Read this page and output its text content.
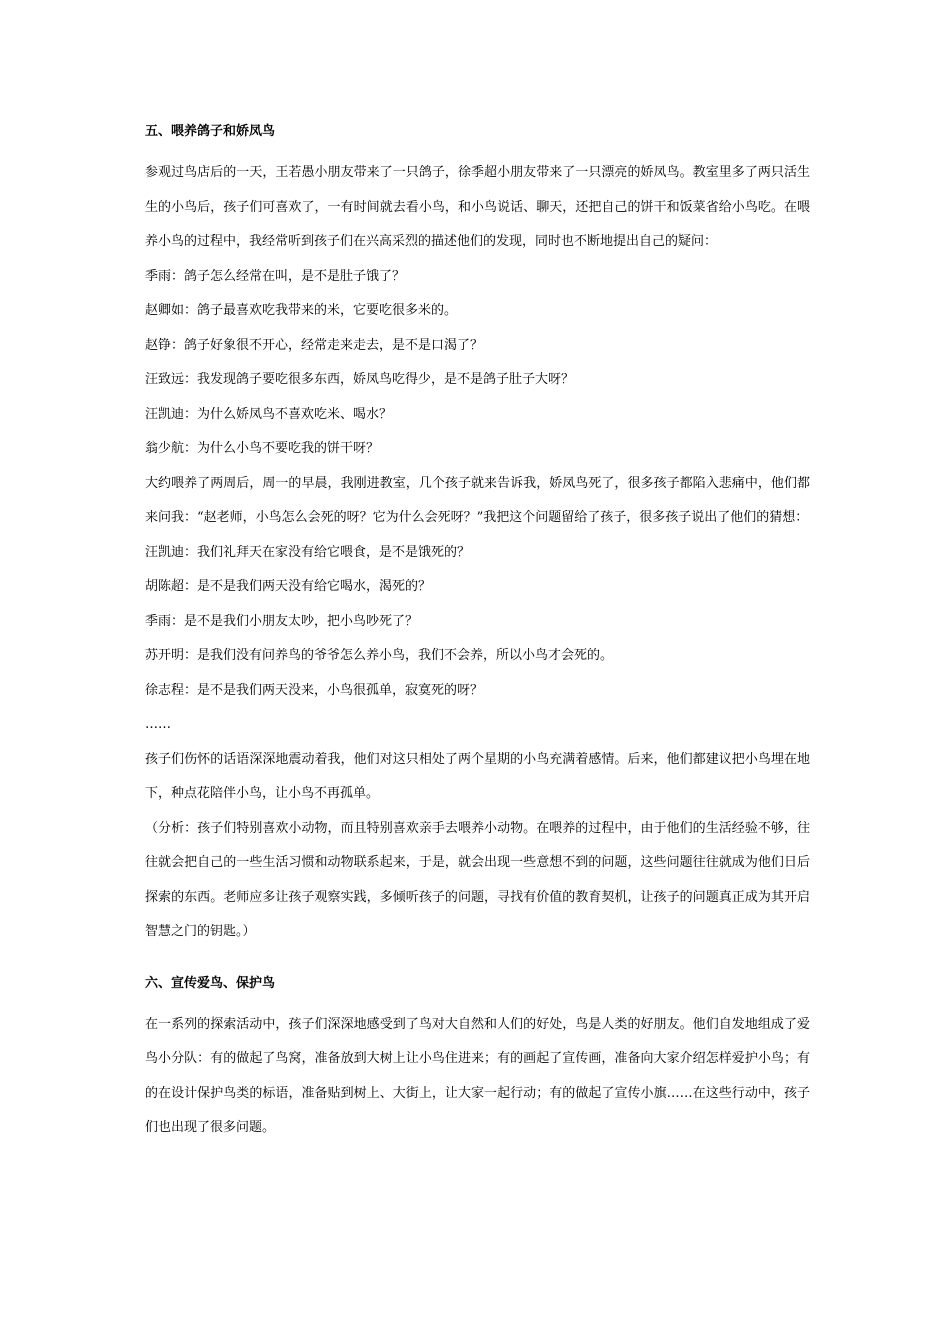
五、喂养鸽子和娇凤鸟

参观过鸟店后的一天，王若愚小朋友带来了一只鸽子，徐季超小朋友带来了一只漂亮的娇凤鸟。教室里多了两只活生生的小鸟后，孩子们可喜欢了，一有时间就去看小鸟，和小鸟说话、聊天，还把自己的饼干和饭菜省给小鸟吃。在喂养小鸟的过程中，我经常听到孩子们在兴高采烈的描述他们的发现，同时也不断地提出自己的疑问：

季雨：鸽子怎么经常在叫，是不是肚子饿了？

赵卿如：鸽子最喜欢吃我带来的米，它要吃很多米的。

赵铮：鸽子好象很不开心，经常走来走去，是不是口渴了？

汪致远：我发现鸽子要吃很多东西，娇凤鸟吃得少，是不是鸽子肚子大呀？

汪凯迪：为什么娇凤鸟不喜欢吃米、喝水？

翁少航：为什么小鸟不要吃我的饼干呀？

大约喂养了两周后，周一的早晨，我刚进教室，几个孩子就来告诉我，娇凤鸟死了，很多孩子都陷入悲痛中，他们都来问我：“赵老师，小鸟怎么会死的呀？它为什么会死呀？”我把这个问题留给了孩子，很多孩子说出了他们的猜想：

汪凯迪：我们礼拜天在家没有给它喂食，是不是饿死的？

胡陈超：是不是我们两天没有给它喝水，渴死的？

季雨：是不是我们小朋友太吵，把小鸟吵死了？

苏开明：是我们没有问养鸟的爷爷怎么养小鸟，我们不会养，所以小鸟才会死的。

徐志程：是不是我们两天没来，小鸟很孤单，寂寞死的呀？

……

孩子们伤怀的话语深深地震动着我，他们对这只相处了两个星期的小鸟充满着感情。后来，他们都建议把小鸟埋在地下，种点花陪伴小鸟，让小鸟不再孤单。

（分析：孩子们特别喜欢小动物，而且特别喜欢亲手去喂养小动物。在喂养的过程中，由于他们的生活经验不够，往往就会把自己的一些生活习惯和动物联系起来，于是，就会出现一些意想不到的问题，这些问题往往就成为他们日后探索的东西。老师应多让孩子观察实践，多倾听孩子的问题，寻找有价值的教育契机，让孩子的问题真正成为其开启智慧之门的钥匙。）

六、宣传爱鸟、保护鸟

在一系列的探索活动中，孩子们深深地感受到了鸟对大自然和人们的好处，鸟是人类的好朋友。他们自发地组成了爱鸟小分队：有的做起了鸟窝，准备放到大树上让小鸟住进来；有的画起了宣传画，准备向大家介绍怎样爱护小鸟；有的在设计保护鸟类的标语，准备贴到树上、大街上，让大家一起行动；有的做起了宣传小旗……在这些行动中，孩子们也出现了很多问题。
